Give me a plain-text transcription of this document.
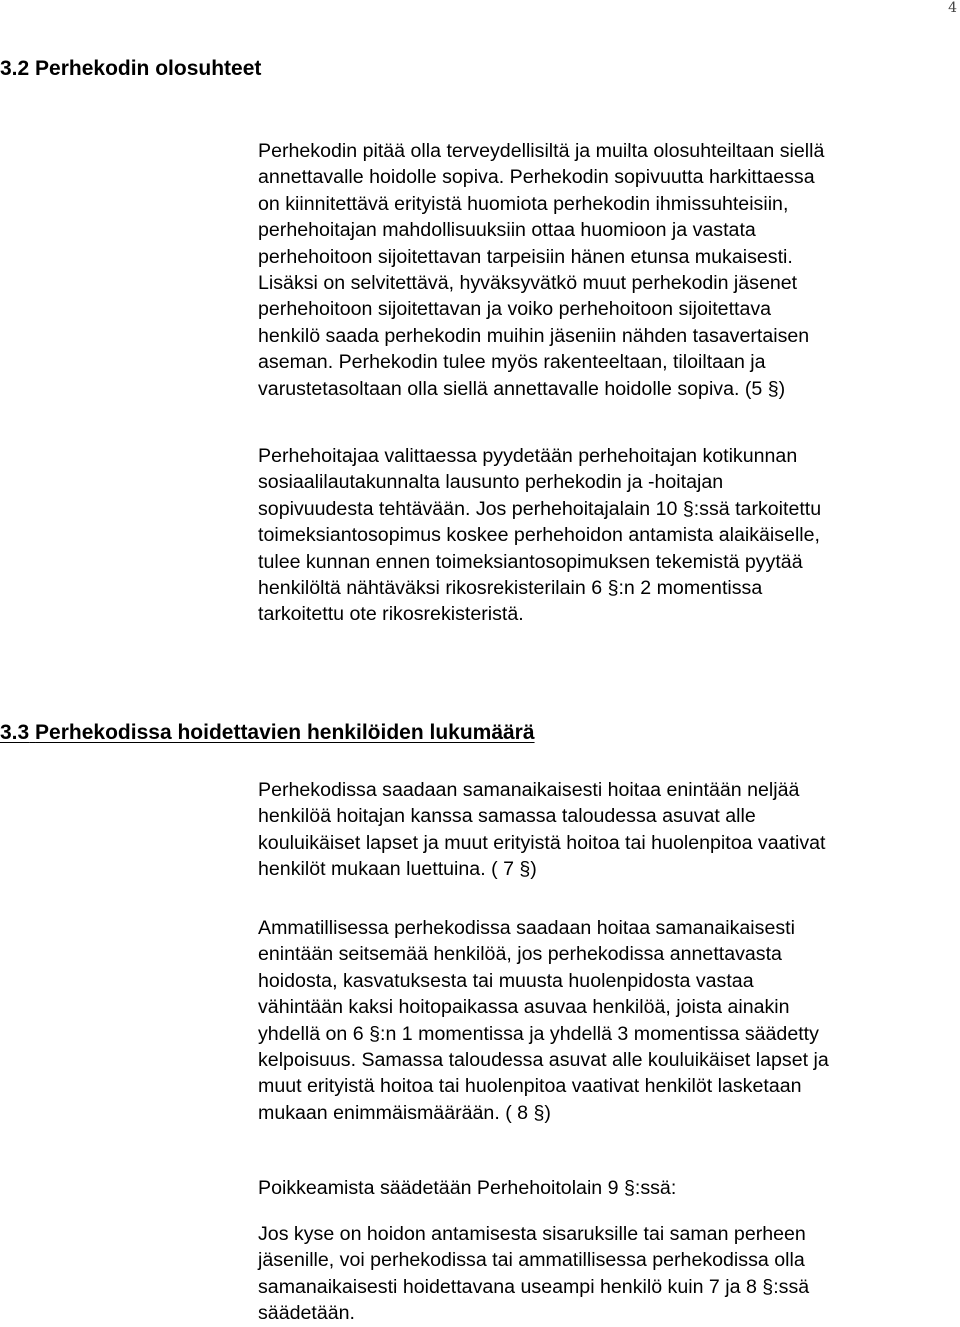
4
3.2 Perhekodin olosuhteet
Perhekodin pitää olla terveydellisiltä ja muilta olosuhteiltaan siellä
annettavalle hoidolle sopiva. Perhekodin sopivuutta harkittaessa
on kiinnitettävä erityistä huomiota perhekodin ihmissuhteisiin,
perhehoitajan mahdollisuuksiin ottaa huomioon ja vastata
perhehoitoon sijoitettavan tarpeisiin hänen etunsa mukaisesti.
Lisäksi on selvitettävä, hyväksyvätkö muut perhekodin jäsenet
perhehoitoon sijoitettavan ja voiko perhehoitoon sijoitettava
henkilö saada perhekodin muihin jäseniin nähden tasavertaisen
aseman. Perhekodin tulee myös rakenteeltaan, tiloiltaan ja
varustetasoltaan olla siellä annettavalle hoidolle sopiva. (5 §)
Perhehoitajaa valittaessa pyydetään perhehoitajan kotikunnan
sosiaalilautakunnalta lausunto perhekodin ja -hoitajan
sopivuudesta tehtävään. Jos perhehoitajalain 10 §:ssä tarkoitettu
toimeksiantosopimus koskee perhehoidon antamista alaikäiselle,
tulee kunnan ennen toimeksiantosopimuksen tekemistä pyytää
henkilöltä nähtäväksi rikosrekisterilain 6 §:n 2 momentissa
tarkoitettu ote rikosrekisteristä.
3.3 Perhekodissa hoidettavien henkilöiden lukumäärä
Perhekodissa saadaan samanaikaisesti hoitaa enintään neljää
henkilöä hoitajan kanssa samassa taloudessa asuvat alle
kouluikäiset lapset ja muut erityistä hoitoa tai huolenpitoa vaativat
henkilöt mukaan luettuina. ( 7 §)
Ammatillisessa perhekodissa saadaan hoitaa samanaikaisesti
enintään seitsemää henkilöä, jos perhekodissa annettavasta
hoidosta, kasvatuksesta tai muusta huolenpidosta vastaa
vähintään kaksi hoitopaikassa asuvaa henkilöä, joista ainakin
yhdellä on 6 §:n 1 momentissa ja yhdellä 3 momentissa säädetty
kelpoisuus. Samassa taloudessa asuvat alle kouluikäiset lapset ja
muut erityistä hoitoa tai huolenpitoa vaativat henkilöt lasketaan
mukaan enimmäismäärään. ( 8 §)
Poikkeamista säädetään Perhehoitolain 9 §:ssä:
Jos kyse on hoidon antamisesta sisaruksille tai saman perheen
jäsenille, voi perhekodissa tai ammatillisessa perhekodissa olla
samanaikaisesti hoidettavana useampi henkilö kuin 7 ja 8 §:ssä
säädetään.
